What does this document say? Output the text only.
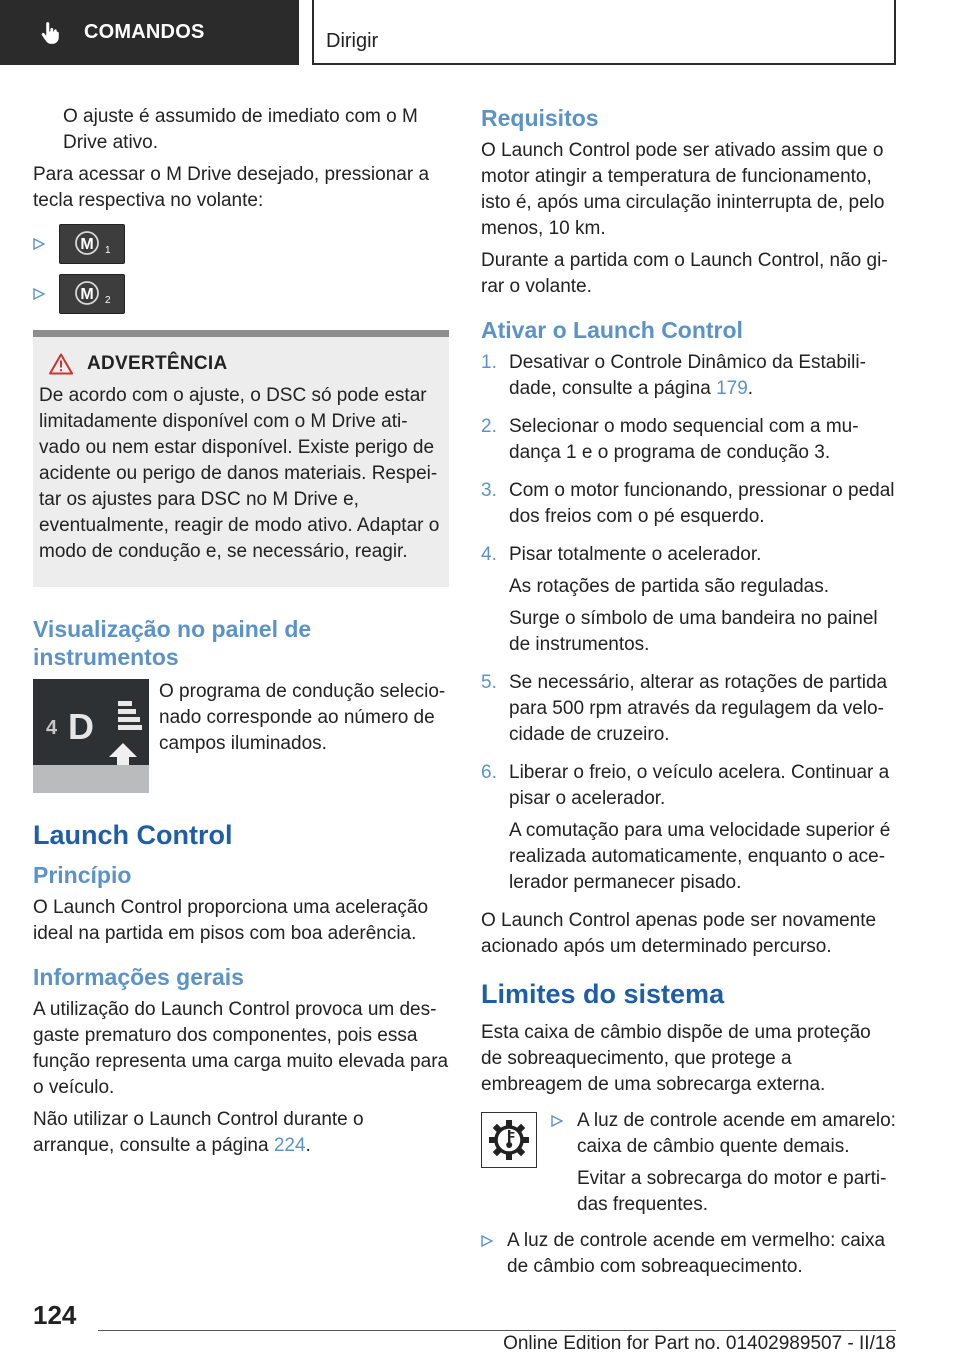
COMANDOS	Dirigir

O ajuste é assumido de imediato com o M Drive ativo.

Para acessar o M Drive desejado, pressionar a tecla respectiva no volante:

M 1
M 2
ADVERTÊNCIA

De acordo com o ajuste, o DSC só pode estar limitadamente disponível com o M Drive ativado ou nem estar disponível. Existe perigo de acidente ou perigo de danos materiais. Respeitar os ajustes para DSC no M Drive e, eventualmente, reagir de modo ativo. Adaptar o modo de condução e, se necessário, reagir.

Visualização no painel de instrumentos
4 D
O programa de condução selecionado corresponde ao número de campos iluminados.
Launch Control
Princípio

O Launch Control proporciona uma aceleração ideal na partida em pisos com boa aderência.

Informações gerais

A utilização do Launch Control provoca um desgaste prematuro dos componentes, pois essa função representa uma carga muito elevada para o veículo.

Não utilizar o Launch Control durante o arranque, consulte a página 224.

Requisitos

O Launch Control pode ser ativado assim que o motor atingir a temperatura de funcionamento, isto é, após uma circulação ininterrupta de, pelo menos, 10 km.

Durante a partida com o Launch Control, não girar o volante.

Ativar o Launch Control
1. Desativar o Controle Dinâmico da Estabilidade, consulte a página 179.

2. Selecionar o modo sequencial com a mudança 1 e o programa de condução 3.

3. Com o motor funcionando, pressionar o pedal dos freios com o pé esquerdo.

4. Pisar totalmente o acelerador.

As rotações de partida são reguladas.

Surge o símbolo de uma bandeira no painel de instrumentos.

5. Se necessário, alterar as rotações de partida para 500 rpm através da regulagem da velocidade de cruzeiro.

6. Liberar o freio, o veículo acelera. Continuar a pisar o acelerador.

A comutação para uma velocidade superior é realizada automaticamente, enquanto o acelerador permanecer pisado.

O Launch Control apenas pode ser novamente acionado após um determinado percurso.

Limites do sistema

Esta caixa de câmbio dispõe de uma proteção de sobreaquecimento, que protege a embreagem de uma sobrecarga externa.

A luz de controle acende em amarelo: caixa de câmbio quente demais.

Evitar a sobrecarga do motor e partidas frequentes.

A luz de controle acende em vermelho: caixa de câmbio com sobreaquecimento.

124
Online Edition for Part no. 01402989507 - II/18
